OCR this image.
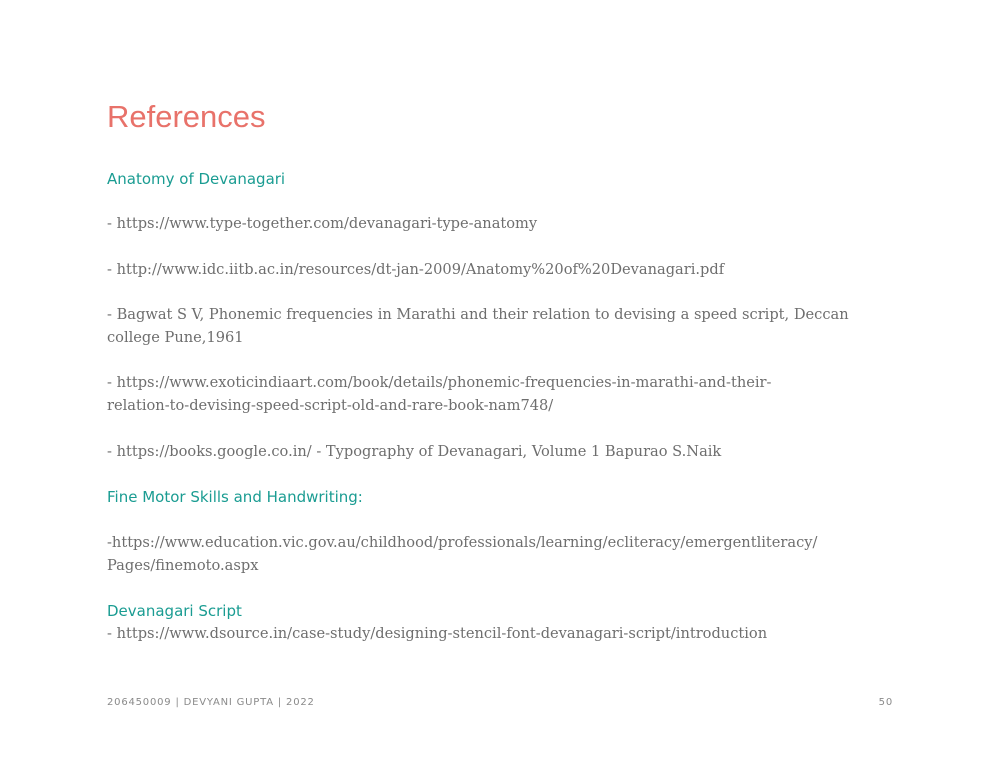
References
Anatomy of Devanagari

- https://www.type-together.com/devanagari-type-anatomy

- http://www.idc.iitb.ac.in/resources/dt-jan-2009/Anatomy%20of%20Devanagari.pdf

- Bagwat S V, Phonemic frequencies in Marathi and their relation to devising a speed script, Deccan
college Pune,1961

- https://www.exoticindiaart.com/book/details/phonemic-frequencies-in-marathi-and-their-
relation-to-devising-speed-script-old-and-rare-book-nam748/

- https://books.google.co.in/ - Typography of Devanagari, Volume 1 Bapurao S.Naik

Fine Motor Skills and Handwriting:

-https://www.education.vic.gov.au/childhood/professionals/learning/ecliteracy/emergentliteracy/
Pages/finemoto.aspx

Devanagari Script

- https://www.dsource.in/case-study/designing-stencil-font-devanagari-script/introduction

206450009 | DEVYANI GUPTA | 2022	50
